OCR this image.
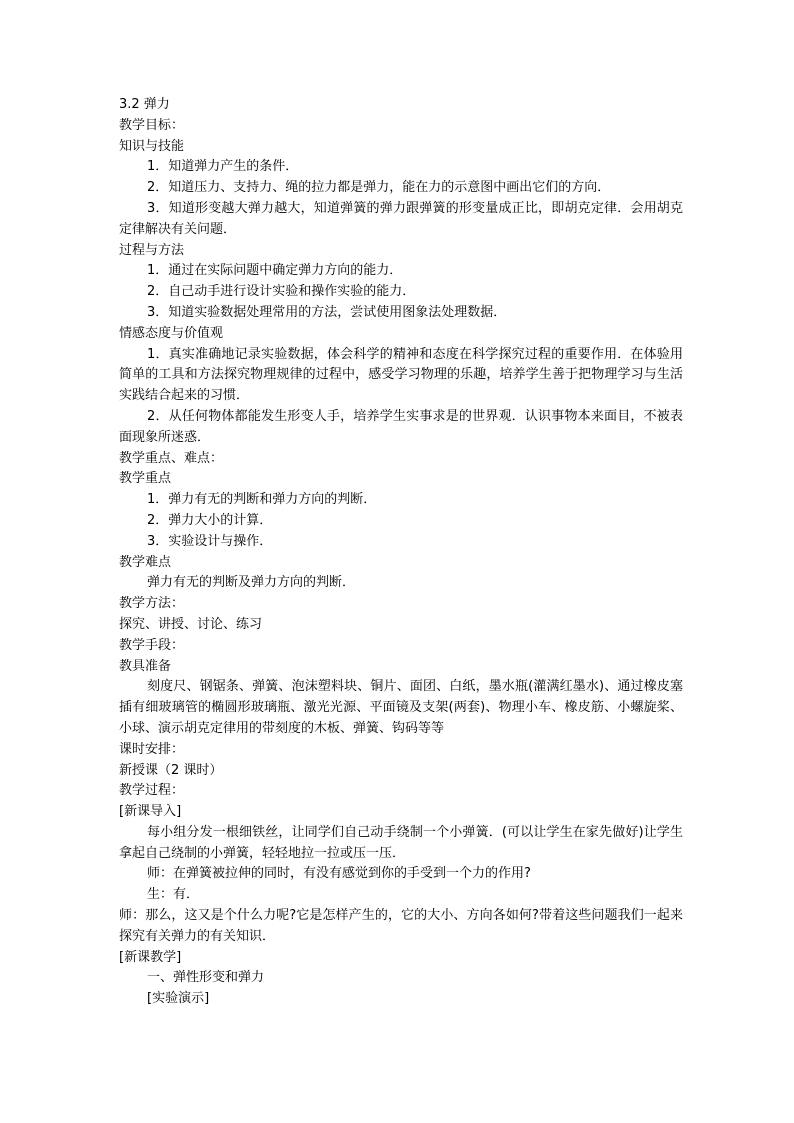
3.2 弹力
教学目标：
知识与技能
1．知道弹力产生的条件．
2．知道压力、支持力、绳的拉力都是弹力，能在力的示意图中画出它们的方向．
3．知道形变越大弹力越大，知道弹簧的弹力跟弹簧的形变量成正比，即胡克定律．会用胡克定律解决有关问题．
过程与方法
1．通过在实际问题中确定弹力方向的能力．
2．自己动手进行设计实验和操作实验的能力．
3．知道实验数据处理常用的方法，尝试使用图象法处理数据．
情感态度与价值观
1．真实准确地记录实验数据，体会科学的精神和态度在科学探究过程的重要作用．在体验用简单的工具和方法探究物理规律的过程中，感受学习物理的乐趣，培养学生善于把物理学习与生活实践结合起来的习惯．
2．从任何物体都能发生形变人手，培养学生实事求是的世界观．认识事物本来面目，不被表面现象所迷惑．
教学重点、难点：
教学重点
1．弹力有无的判断和弹力方向的判断．
2．弹力大小的计算．
3．实验设计与操作．
教学难点
弹力有无的判断及弹力方向的判断．
教学方法：
探究、讲授、讨论、练习
教学手段：
教具准备
刻度尺、钢锯条、弹簧、泡沫塑料块、铜片、面团、白纸，墨水瓶(灌满红墨水)、通过橡皮塞插有细玻璃管的椭圆形玻璃瓶、激光光源、平面镜及支架(两套)、物理小车、橡皮筋、小螺旋桨、小球、演示胡克定律用的带刻度的木板、弹簧、钩码等等
课时安排：
新授课（2 课时）
教学过程：
[新课导入]
每小组分发一根细铁丝，让同学们自己动手绕制一个小弹簧．(可以让学生在家先做好)让学生拿起自己绕制的小弹簧，轻轻地拉一拉或压一压．
师：在弹簧被拉伸的同时，有没有感觉到你的手受到一个力的作用?
生：有．
师：那么，这又是个什么力呢?它是怎样产生的，它的大小、方向各如何?带着这些问题我们一起来探究有关弹力的有关知识．
[新课教学]
一、弹性形变和弹力
[实验演示]
